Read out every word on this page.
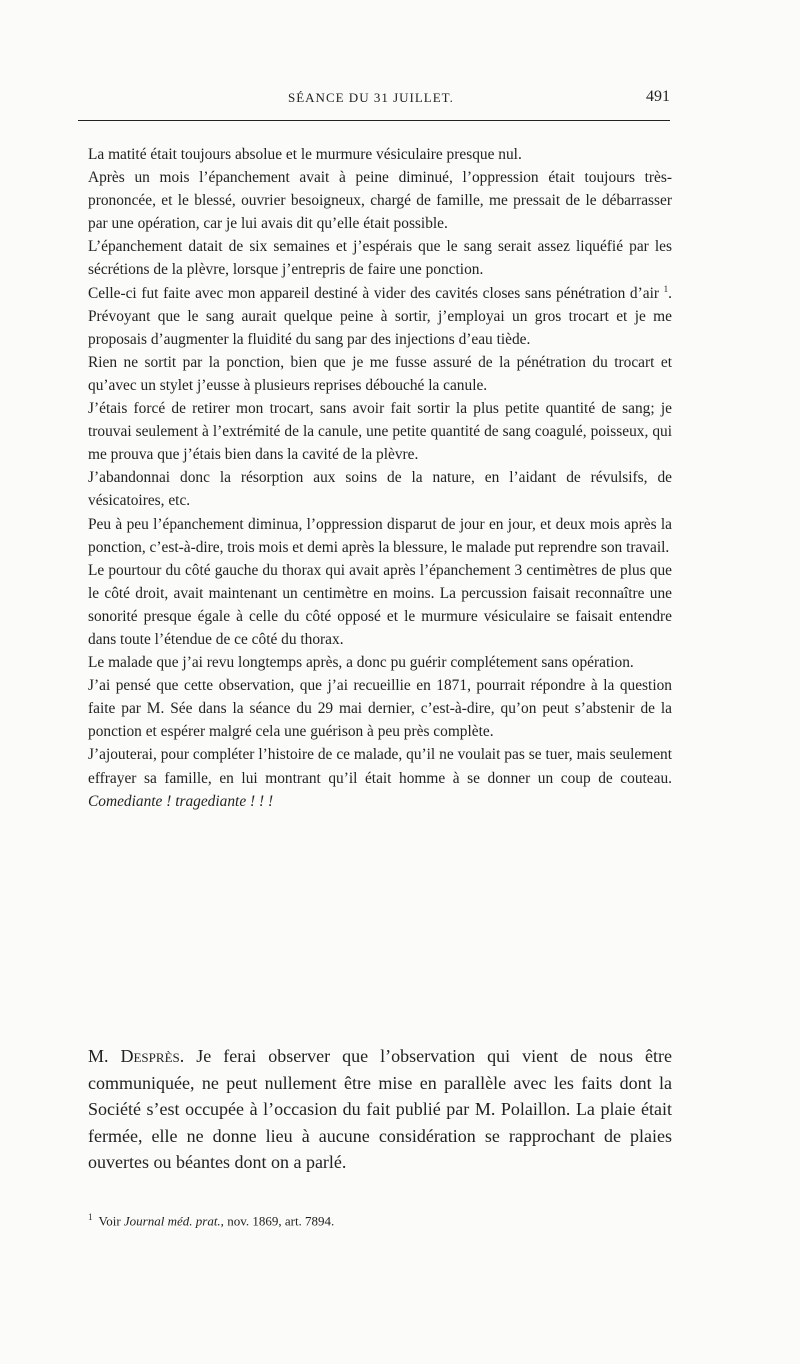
SÉANCE DU 31 JUILLET.	491

La matité était toujours absolue et le murmure vésiculaire presque nul.

Après un mois l’épanchement avait à peine diminué, l’oppression était toujours très-prononcée, et le blessé, ouvrier besoigneux, chargé de famille, me pressait de le débarrasser par une opération, car je lui avais dit qu’elle était possible.

L’épanchement datait de six semaines et j’espérais que le sang serait assez liquéfié par les sécrétions de la plèvre, lorsque j’entrepris de faire une ponction.

Celle-ci fut faite avec mon appareil destiné à vider des cavités closes sans pénétration d’air $^1$. Prévoyant que le sang aurait quelque peine à sortir, j’employai un gros trocart et je me proposais d’augmenter la fluidité du sang par des injections d’eau tiède.

Rien ne sortit par la ponction, bien que je me fusse assuré de la pénétration du trocart et qu’avec un stylet j’eusse à plusieurs reprises débouché la canule.

J’étais forcé de retirer mon trocart, sans avoir fait sortir la plus petite quantité de sang; je trouvai seulement à l’extrémité de la canule, une petite quantité de sang coagulé, poisseux, qui me prouva que j’étais bien dans la cavité de la plèvre.

J’abandonnai donc la résorption aux soins de la nature, en l’aidant de révulsifs, de vésicatoires, etc.

Peu à peu l’épanchement diminua, l’oppression disparut de jour en jour, et deux mois après la ponction, c’est-à-dire, trois mois et demi après la blessure, le malade put reprendre son travail.

Le pourtour du côté gauche du thorax qui avait après l’épanchement 3 centimètres de plus que le côté droit, avait maintenant un centimètre en moins. La percussion faisait reconnaître une sonorité presque égale à celle du côté opposé et le murmure vésiculaire se faisait entendre dans toute l’étendue de ce côté du thorax.

Le malade que j’ai revu longtemps après, a donc pu guérir complétement sans opération.

J’ai pensé que cette observation, que j’ai recueillie en 1871, pourrait répondre à la question faite par M. Sée dans la séance du 29 mai dernier, c’est-à-dire, qu’on peut s’abstenir de la ponction et espérer malgré cela une guérison à peu près complète.

J’ajouterai, pour compléter l’histoire de ce malade, qu’il ne voulait pas se tuer, mais seulement effrayer sa famille, en lui montrant qu’il était homme à se donner un coup de couteau. Comediante ! tragediante ! ! !

M. Desprès. Je ferai observer que l’observation qui vient de nous être communiquée, ne peut nullement être mise en parallèle avec les faits dont la Société s’est occupée à l’occasion du fait publié par M. Polaillon. La plaie était fermée, elle ne donne lieu à aucune considération se rapprochant de plaies ouvertes ou béantes dont on a parlé.
$^1$ Voir Journal méd. prat., nov. 1869, art. 7894.
